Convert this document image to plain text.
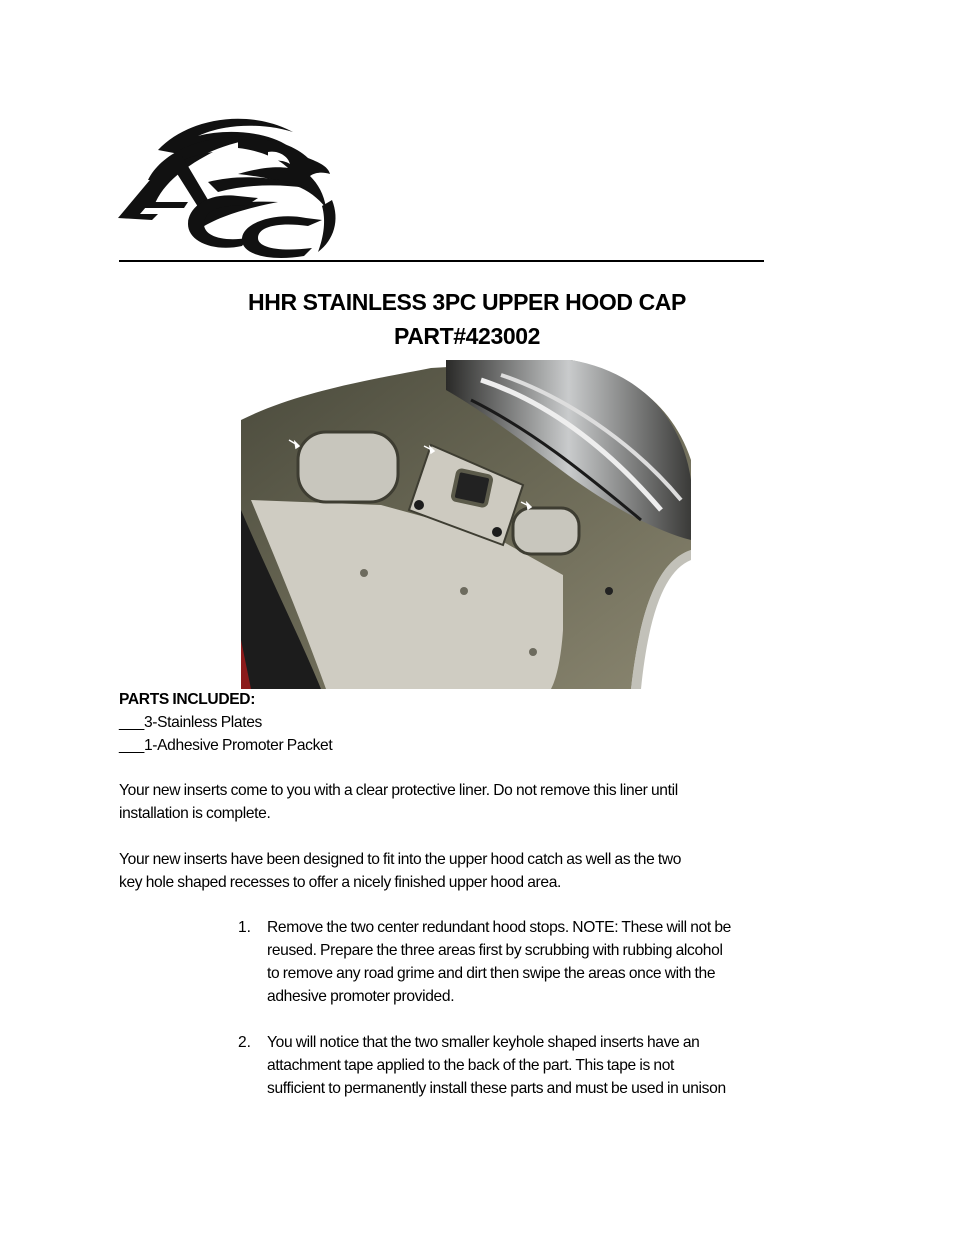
HHR STAINLESS 3PC UPPER HOOD CAP
PART#423002
PARTS INCLUDED:
___3-Stainless Plates
___1-Adhesive Promoter Packet
Your new inserts come to you with a clear protective liner. Do not remove this liner until
installation is complete.
Your new inserts have been designed to fit into the upper hood catch as well as the two
key hole shaped recesses to offer a nicely finished upper hood area.
1. Remove the two center redundant hood stops. NOTE: These will not be
reused. Prepare the three areas first by scrubbing with rubbing alcohol
to remove any road grime and dirt then swipe the areas once with the
adhesive promoter provided.
2. You will notice that the two smaller keyhole shaped inserts have an
attachment tape applied to the back of the part. This tape is not
sufficient to permanently install these parts and must be used in unison
